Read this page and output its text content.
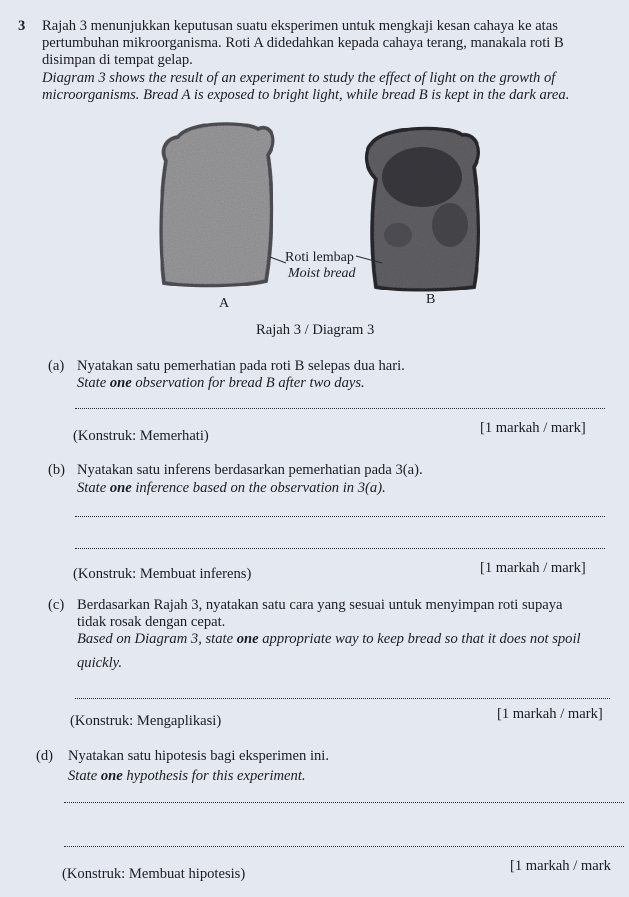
3 Rajah 3 menunjukkan keputusan suatu eksperimen untuk mengkaji kesan cahaya ke atas
pertumbuhan mikroorganisma. Roti A didedahkan kepada cahaya terang, manakala roti B
disimpan di tempat gelap.
Diagram 3 shows the result of an experiment to study the effect of light on the growth of
microorganisms. Bread A is exposed to bright light, while bread B is kept in the dark area.
Roti lembap
Moist bread
A	B
Rajah 3 / Diagram 3
(a) Nyatakan satu pemerhatian pada roti B selepas dua hari.
State one observation for bread B after two days.
(Konstruk: Memerhati)	[1 markah / mark]
(b) Nyatakan satu inferens berdasarkan pemerhatian pada 3(a).
State one inference based on the observation in 3(a).
(Konstruk: Membuat inferens)	[1 markah / mark]
(c) Berdasarkan Rajah 3, nyatakan satu cara yang sesuai untuk menyimpan roti supaya
tidak rosak dengan cepat.
Based on Diagram 3, state one appropriate way to keep bread so that it does not spoil
quickly.
(Konstruk: Mengaplikasi)	[1 markah / mark]
(d) Nyatakan satu hipotesis bagi eksperimen ini.
State one hypothesis for this experiment.
(Konstruk: Membuat hipotesis)	[1 markah / mark
